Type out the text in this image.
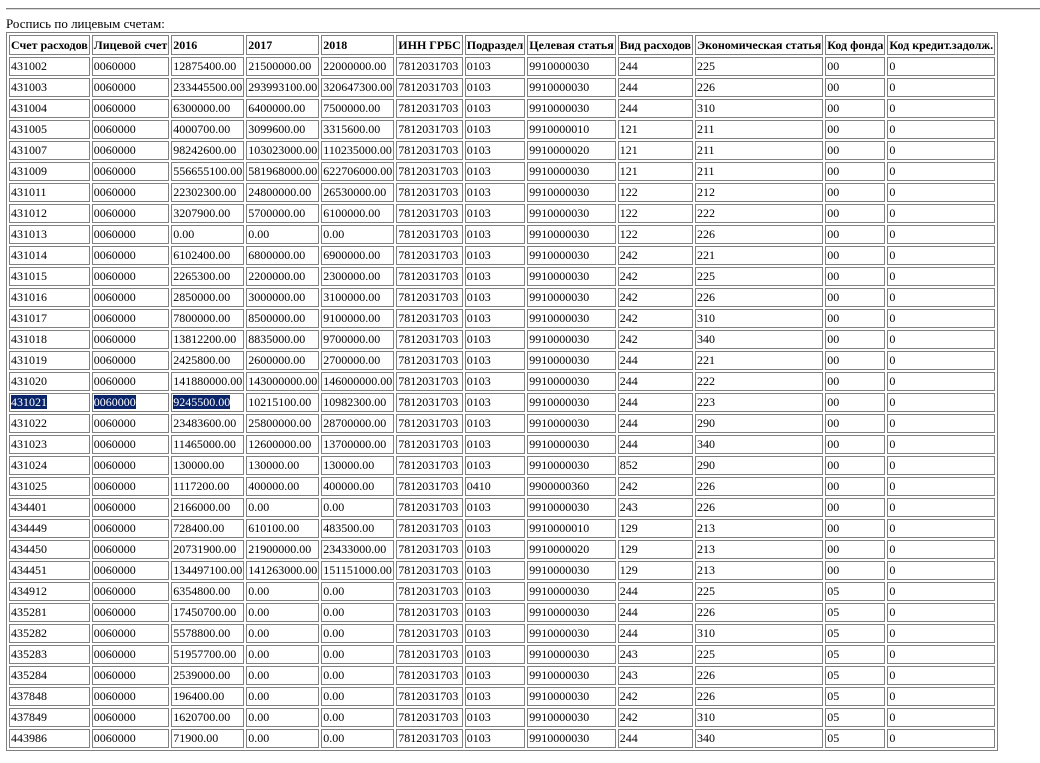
Роспись по лицевым счетам:
Счет расходов	Лицевой счет	2016	2017	2018	ИНН ГРБС	Подраздел	Целевая статья	Вид расходов	Экономическая статья	Код фонда	Код кредит.задолж.
431002	0060000	12875400.00	21500000.00	22000000.00	7812031703	0103	9910000030	244	225	00	0
431003	0060000	233445500.00	293993100.00	320647300.00	7812031703	0103	9910000030	244	226	00	0
431004	0060000	6300000.00	6400000.00	7500000.00	7812031703	0103	9910000030	244	310	00	0
431005	0060000	4000700.00	3099600.00	3315600.00	7812031703	0103	9910000010	121	211	00	0
431007	0060000	98242600.00	103023000.00	110235000.00	7812031703	0103	9910000020	121	211	00	0
431009	0060000	556655100.00	581968000.00	622706000.00	7812031703	0103	9910000030	121	211	00	0
431011	0060000	22302300.00	24800000.00	26530000.00	7812031703	0103	9910000030	122	212	00	0
431012	0060000	3207900.00	5700000.00	6100000.00	7812031703	0103	9910000030	122	222	00	0
431013	0060000	0.00	0.00	0.00	7812031703	0103	9910000030	122	226	00	0
431014	0060000	6102400.00	6800000.00	6900000.00	7812031703	0103	9910000030	242	221	00	0
431015	0060000	2265300.00	2200000.00	2300000.00	7812031703	0103	9910000030	242	225	00	0
431016	0060000	2850000.00	3000000.00	3100000.00	7812031703	0103	9910000030	242	226	00	0
431017	0060000	7800000.00	8500000.00	9100000.00	7812031703	0103	9910000030	242	310	00	0
431018	0060000	13812200.00	8835000.00	9700000.00	7812031703	0103	9910000030	242	340	00	0
431019	0060000	2425800.00	2600000.00	2700000.00	7812031703	0103	9910000030	244	221	00	0
431020	0060000	141880000.00	143000000.00	146000000.00	7812031703	0103	9910000030	244	222	00	0
431021	0060000	9245500.00	10215100.00	10982300.00	7812031703	0103	9910000030	244	223	00	0
431022	0060000	23483600.00	25800000.00	28700000.00	7812031703	0103	9910000030	244	290	00	0
431023	0060000	11465000.00	12600000.00	13700000.00	7812031703	0103	9910000030	244	340	00	0
431024	0060000	130000.00	130000.00	130000.00	7812031703	0103	9910000030	852	290	00	0
431025	0060000	1117200.00	400000.00	400000.00	7812031703	0410	9900000360	242	226	00	0
434401	0060000	2166000.00	0.00	0.00	7812031703	0103	9910000030	243	226	00	0
434449	0060000	728400.00	610100.00	483500.00	7812031703	0103	9910000010	129	213	00	0
434450	0060000	20731900.00	21900000.00	23433000.00	7812031703	0103	9910000020	129	213	00	0
434451	0060000	134497100.00	141263000.00	151151000.00	7812031703	0103	9910000030	129	213	00	0
434912	0060000	6354800.00	0.00	0.00	7812031703	0103	9910000030	244	225	05	0
435281	0060000	17450700.00	0.00	0.00	7812031703	0103	9910000030	244	226	05	0
435282	0060000	5578800.00	0.00	0.00	7812031703	0103	9910000030	244	310	05	0
435283	0060000	51957700.00	0.00	0.00	7812031703	0103	9910000030	243	225	05	0
435284	0060000	2539000.00	0.00	0.00	7812031703	0103	9910000030	243	226	05	0
437848	0060000	196400.00	0.00	0.00	7812031703	0103	9910000030	242	226	05	0
437849	0060000	1620700.00	0.00	0.00	7812031703	0103	9910000030	242	310	05	0
443986	0060000	71900.00	0.00	0.00	7812031703	0103	9910000030	244	340	05	0
